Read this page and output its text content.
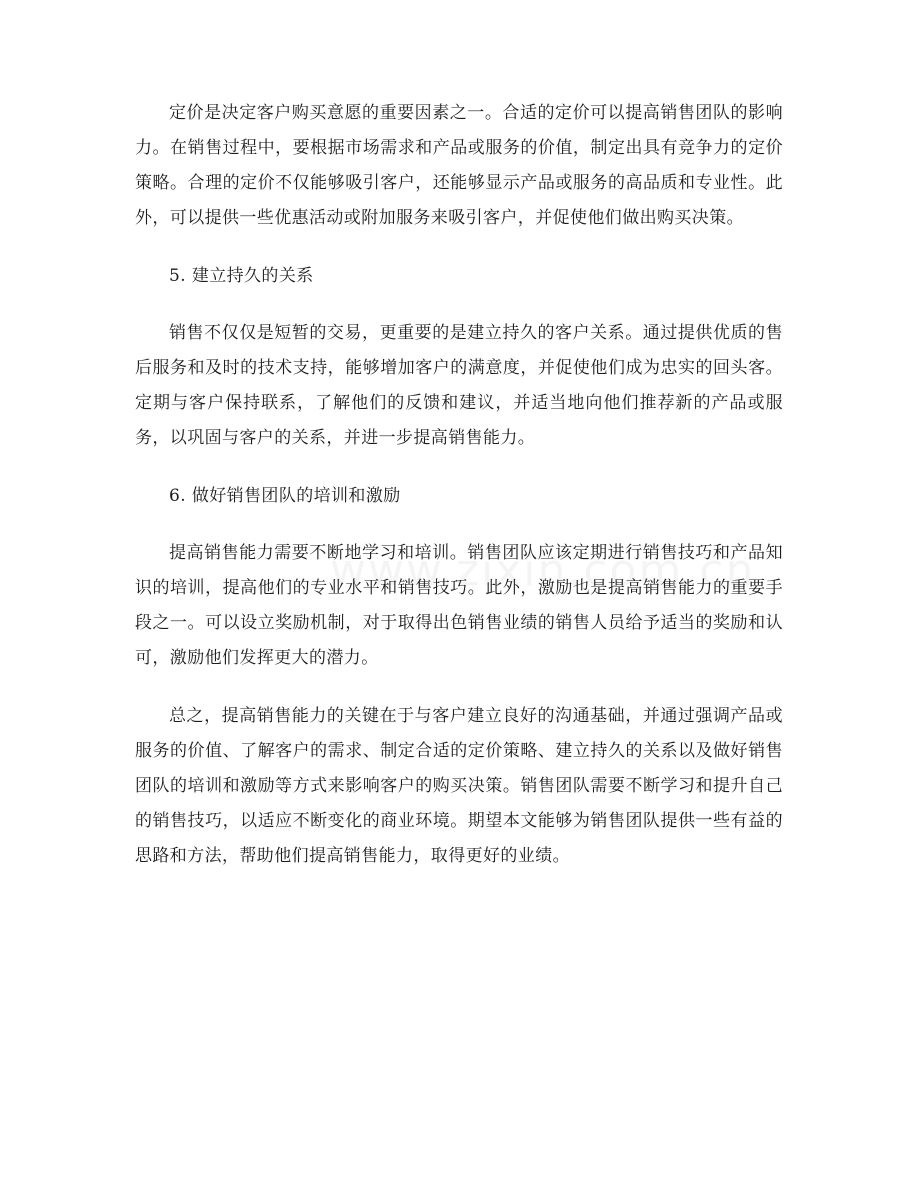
定价是决定客户购买意愿的重要因素之一。合适的定价可以提高销售团队的影响力。在销售过程中，要根据市场需求和产品或服务的价值，制定出具有竞争力的定价策略。合理的定价不仅能够吸引客户，还能够显示产品或服务的高品质和专业性。此外，可以提供一些优惠活动或附加服务来吸引客户，并促使他们做出购买决策。

5. 建立持久的关系

销售不仅仅是短暂的交易，更重要的是建立持久的客户关系。通过提供优质的售后服务和及时的技术支持，能够增加客户的满意度，并促使他们成为忠实的回头客。定期与客户保持联系，了解他们的反馈和建议，并适当地向他们推荐新的产品或服务，以巩固与客户的关系，并进一步提高销售能力。

6. 做好销售团队的培训和激励

提高销售能力需要不断地学习和培训。销售团队应该定期进行销售技巧和产品知识的培训，提高他们的专业水平和销售技巧。此外，激励也是提高销售能力的重要手段之一。可以设立奖励机制，对于取得出色销售业绩的销售人员给予适当的奖励和认可，激励他们发挥更大的潜力。

总之，提高销售能力的关键在于与客户建立良好的沟通基础，并通过强调产品或服务的价值、了解客户的需求、制定合适的定价策略、建立持久的关系以及做好销售团队的培训和激励等方式来影响客户的购买决策。销售团队需要不断学习和提升自己的销售技巧，以适应不断变化的商业环境。期望本文能够为销售团队提供一些有益的思路和方法，帮助他们提高销售能力，取得更好的业绩。
